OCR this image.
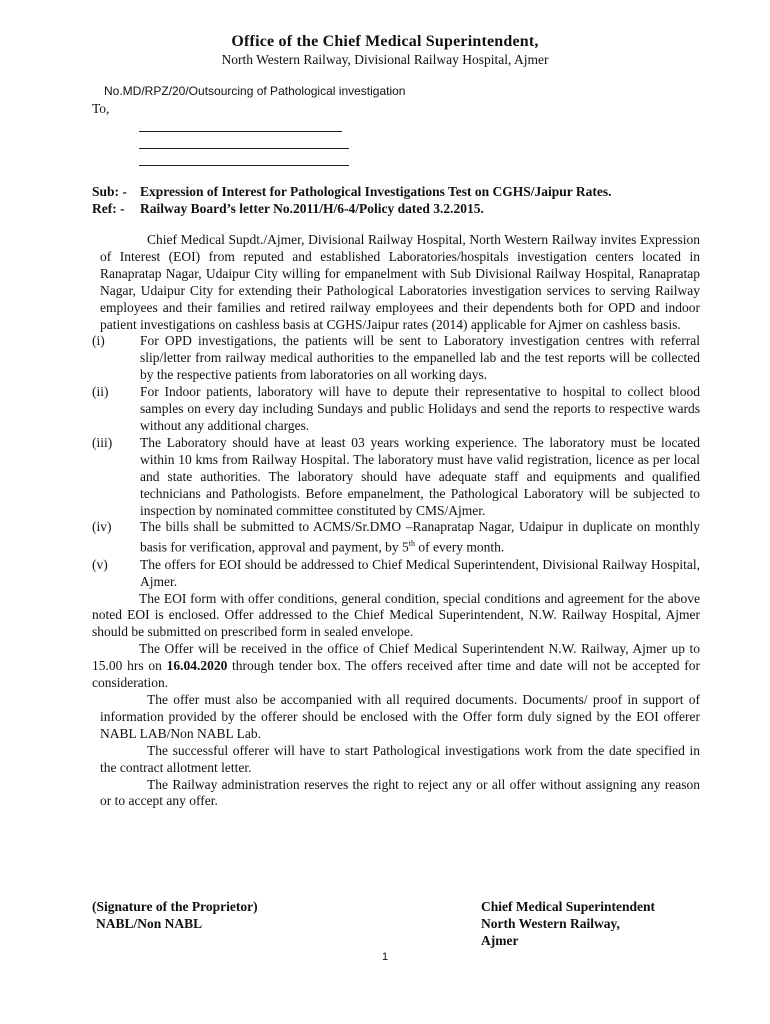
Office of the Chief Medical Superintendent,
North Western Railway, Divisional Railway Hospital, Ajmer
No.MD/RPZ/20/Outsourcing of Pathological investigation
To,
Sub: - Expression of Interest for Pathological Investigations Test on CGHS/Jaipur Rates.
Ref: - Railway Board’s letter No.2011/H/6-4/Policy dated 3.2.2015.
Chief Medical Supdt./Ajmer, Divisional Railway Hospital, North Western Railway invites Expression of Interest (EOI) from reputed and established Laboratories/hospitals investigation centers located in Ranapratap Nagar, Udaipur City willing for empanelment with Sub Divisional Railway Hospital, Ranapratap Nagar, Udaipur City for extending their Pathological Laboratories investigation services to serving Railway employees and their families and retired railway employees and their dependents both for OPD and indoor patient investigations on cashless basis at CGHS/Jaipur rates (2014) applicable for Ajmer on cashless basis.
(i)	For OPD investigations, the patients will be sent to Laboratory investigation centres with referral slip/letter from railway medical authorities to the empanelled lab and the test reports will be collected by the respective patients from laboratories on all working days.
(ii)	For Indoor patients, laboratory will have to depute their representative to hospital to collect blood samples on every day including Sundays and public Holidays and send the reports to respective wards without any additional charges.
(iii)	The Laboratory should have at least 03 years working experience. The laboratory must be located within 10 kms from Railway Hospital. The laboratory must have valid registration, licence as per local and state authorities. The laboratory should have adequate staff and equipments and qualified technicians and Pathologists. Before empanelment, the Pathological Laboratory will be subjected to inspection by nominated committee constituted by CMS/Ajmer.
(iv)	The bills shall be submitted to ACMS/Sr.DMO –Ranapratap Nagar, Udaipur in duplicate on monthly basis for verification, approval and payment, by 5th of every month.
(v)	The offers for EOI should be addressed to Chief Medical Superintendent, Divisional Railway Hospital, Ajmer.
The EOI form with offer conditions, general condition, special conditions and agreement for the above noted EOI is enclosed. Offer addressed to the Chief Medical Superintendent, N.W. Railway Hospital, Ajmer should be submitted on prescribed form in sealed envelope.
The Offer will be received in the office of Chief Medical Superintendent N.W. Railway, Ajmer up to 15.00 hrs on 16.04.2020 through tender box. The offers received after time and date will not be accepted for consideration.
The offer must also be accompanied with all required documents. Documents/ proof in support of information provided by the offerer should be enclosed with the Offer form duly signed by the EOI offerer NABL LAB/Non NABL Lab.
The successful offerer will have to start Pathological investigations work from the date specified in the contract allotment letter.
The Railway administration reserves the right to reject any or all offer without assigning any reason or to accept any offer.
(Signature of the Proprietor)
NABL/Non NABL
Chief Medical Superintendent
North Western Railway,
Ajmer
1
